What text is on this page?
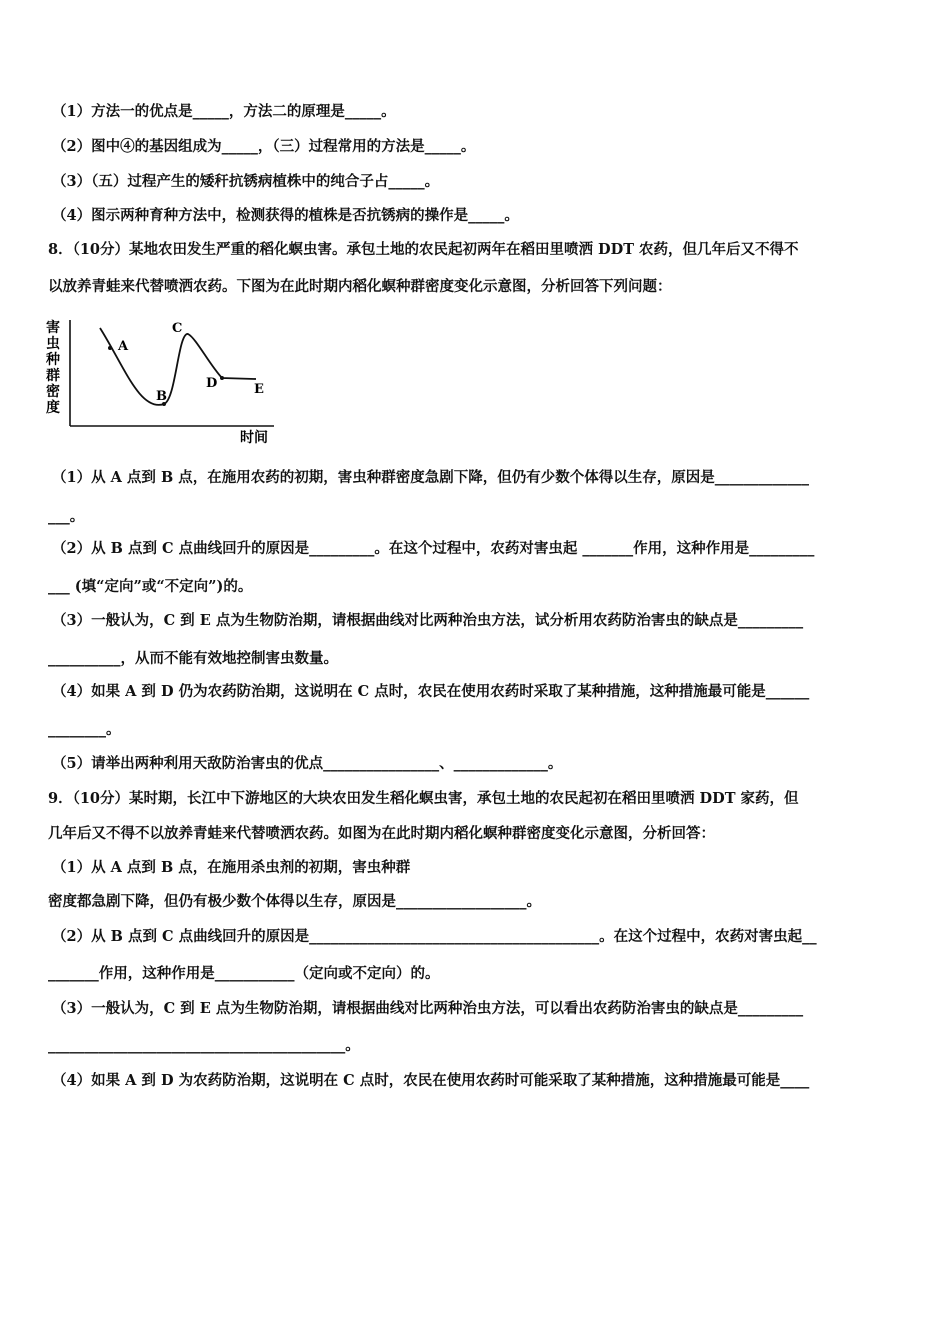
（1）方法一的优点是_____，方法二的原理是_____。
（2）图中④的基因组成为_____，（三）过程常用的方法是_____。
（3）（五）过程产生的矮秆抗锈病植株中的纯合子占_____。
（4）图示两种育种方法中，检测获得的植株是否抗锈病的操作是_____。
8．（10分）某地农田发生严重的稻化螟虫害。承包土地的农民起初两年在稻田里喷洒 DDT 农药，但几年后又不得不
以放养青蛙来代替喷洒农药。下图为在此时期内稻化螟种群密度变化示意图，分析回答下列问题：
害
虫
种
群
密
度
时间
A
B
C
D	E
（1）从 A 点到 B 点，在施用农药的初期，害虫种群密度急剧下降，但仍有少数个体得以生存，原因是_____________
___。
（2）从 B 点到 C 点曲线回升的原因是_________。在这个过程中，农药对害虫起 _______作用，这种作用是_________
___ (填“定向”或“不定向”)的。
（3）一般认为，C 到 E 点为生物防治期，请根据曲线对比两种治虫方法，试分析用农药防治害虫的缺点是_________
__________，从而不能有效地控制害虫数量。
（4）如果 A 到 D 仍为农药防治期，这说明在 C 点时，农民在使用农药时采取了某种措施，这种措施最可能是______
________。
（5）请举出两种利用天敌防治害虫的优点________________、_____________。
9．（10分）某时期，长江中下游地区的大块农田发生稻化螟虫害，承包土地的农民起初在稻田里喷洒 DDT 家药，但
几年后又不得不以放养青蛙来代替喷洒农药。如图为在此时期内稻化螟种群密度变化示意图，分析回答：
（1）从 A 点到 B 点，在施用杀虫剂的初期，害虫种群
密度都急剧下降，但仍有极少数个体得以生存，原因是__________________。
（2）从 B 点到 C 点曲线回升的原因是________________________________________。在这个过程中，农药对害虫起__
_______作用，这种作用是___________（定向或不定向）的。
（3）一般认为，C 到 E 点为生物防治期，请根据曲线对比两种治虫方法，可以看出农药防治害虫的缺点是_________
_________________________________________。
（4）如果 A 到 D 为农药防治期，这说明在 C 点时，农民在使用农药时可能采取了某种措施，这种措施最可能是____
